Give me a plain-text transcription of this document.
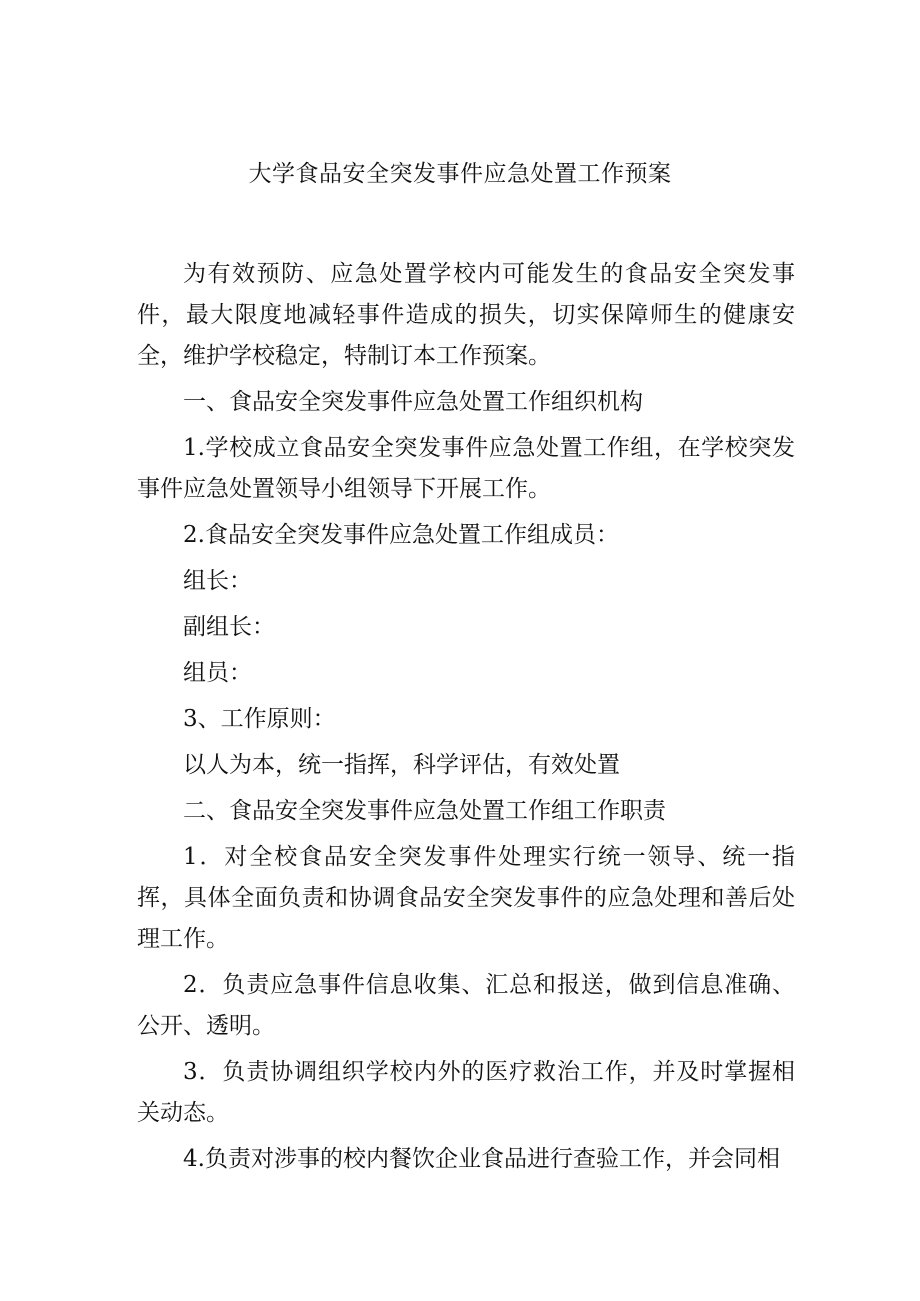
大学食品安全突发事件应急处置工作预案

为有效预防、应急处置学校内可能发生的食品安全突发事件，最大限度地减轻事件造成的损失，切实保障师生的健康安全，维护学校稳定，特制订本工作预案。

一、食品安全突发事件应急处置工作组织机构

1.学校成立食品安全突发事件应急处置工作组，在学校突发事件应急处置领导小组领导下开展工作。

2.食品安全突发事件应急处置工作组成员：

组长：

副组长：

组员：

3、工作原则：

以人为本，统一指挥，科学评估，有效处置

二、食品安全突发事件应急处置工作组工作职责

1．对全校食品安全突发事件处理实行统一领导、统一指挥，具体全面负责和协调食品安全突发事件的应急处理和善后处理工作。

2．负责应急事件信息收集、汇总和报送，做到信息准确、公开、透明。

3．负责协调组织学校内外的医疗救治工作，并及时掌握相关动态。

4.负责对涉事的校内餐饮企业食品进行查验工作，并会同相
